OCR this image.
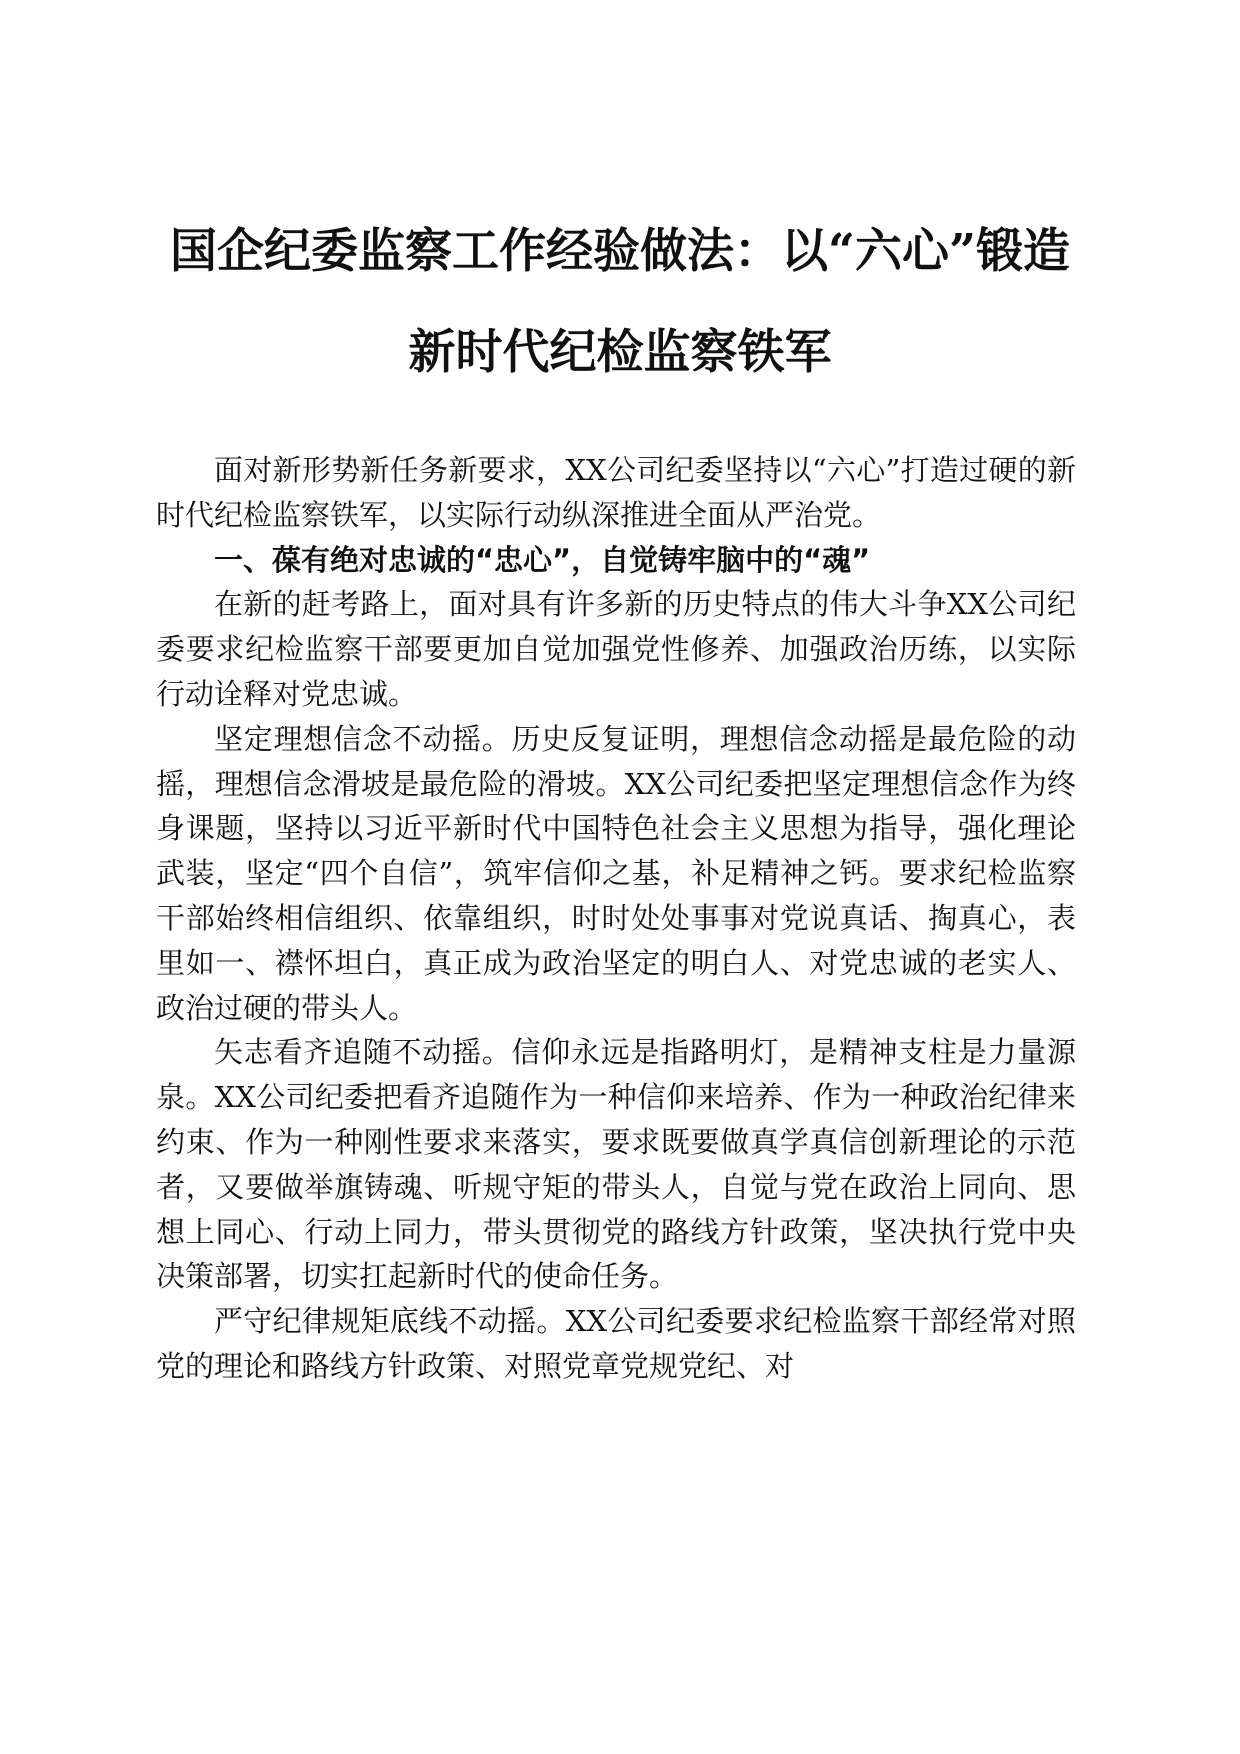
国企纪委监察工作经验做法：以“六心”锻造
新时代纪检监察铁军

面对新形势新任务新要求，XX公司纪委坚持以“六心”打造过硬的新时代纪检监察铁军，以实际行动纵深推进全面从严治党。

一、葆有绝对忠诚的“忠心”，自觉铸牢脑中的“魂”

在新的赶考路上，面对具有许多新的历史特点的伟大斗争XX公司纪委要求纪检监察干部要更加自觉加强党性修养、加强政治历练，以实际行动诠释对党忠诚。

坚定理想信念不动摇。历史反复证明，理想信念动摇是最危险的动摇，理想信念滑坡是最危险的滑坡。XX公司纪委把坚定理想信念作为终身课题，坚持以习近平新时代中国特色社会主义思想为指导，强化理论武装，坚定“四个自信”，筑牢信仰之基，补足精神之钙。要求纪检监察干部始终相信组织、依靠组织，时时处处事事对党说真话、掏真心，表里如一、襟怀坦白，真正成为政治坚定的明白人、对党忠诚的老实人、政治过硬的带头人。

矢志看齐追随不动摇。信仰永远是指路明灯，是精神支柱是力量源泉。XX公司纪委把看齐追随作为一种信仰来培养、作为一种政治纪律来约束、作为一种刚性要求来落实，要求既要做真学真信创新理论的示范者，又要做举旗铸魂、听规守矩的带头人，自觉与党在政治上同向、思想上同心、行动上同力，带头贯彻党的路线方针政策，坚决执行党中央决策部署，切实扛起新时代的使命任务。

严守纪律规矩底线不动摇。XX公司纪委要求纪检监察干部经常对照党的理论和路线方针政策、对照党章党规党纪、对
